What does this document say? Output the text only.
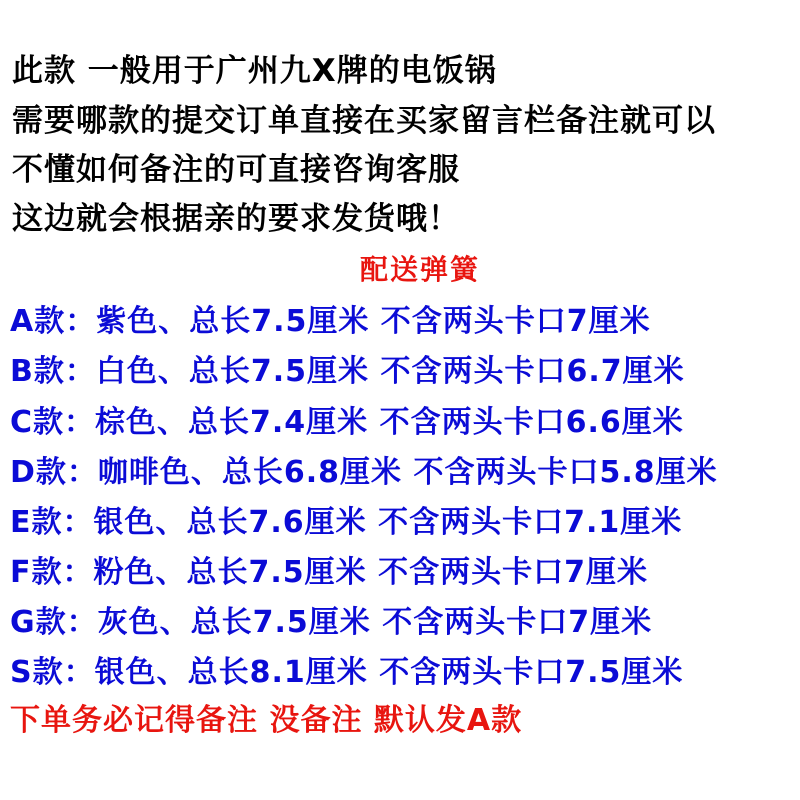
此款 一般用于广州九X牌的电饭锅
需要哪款的提交订单直接在买家留言栏备注就可以
不懂如何备注的可直接咨询客服
这边就会根据亲的要求发货哦！
配送弹簧
A款：紫色、总长7.5厘米 不含两头卡口7厘米
B款：白色、总长7.5厘米 不含两头卡口6.7厘米
C款：棕色、总长7.4厘米 不含两头卡口6.6厘米
D款：咖啡色、总长6.8厘米 不含两头卡口5.8厘米
E款：银色、总长7.6厘米 不含两头卡口7.1厘米
F款：粉色、总长7.5厘米 不含两头卡口7厘米
G款：灰色、总长7.5厘米 不含两头卡口7厘米
S款：银色、总长8.1厘米 不含两头卡口7.5厘米
下单务必记得备注 没备注 默认发A款
